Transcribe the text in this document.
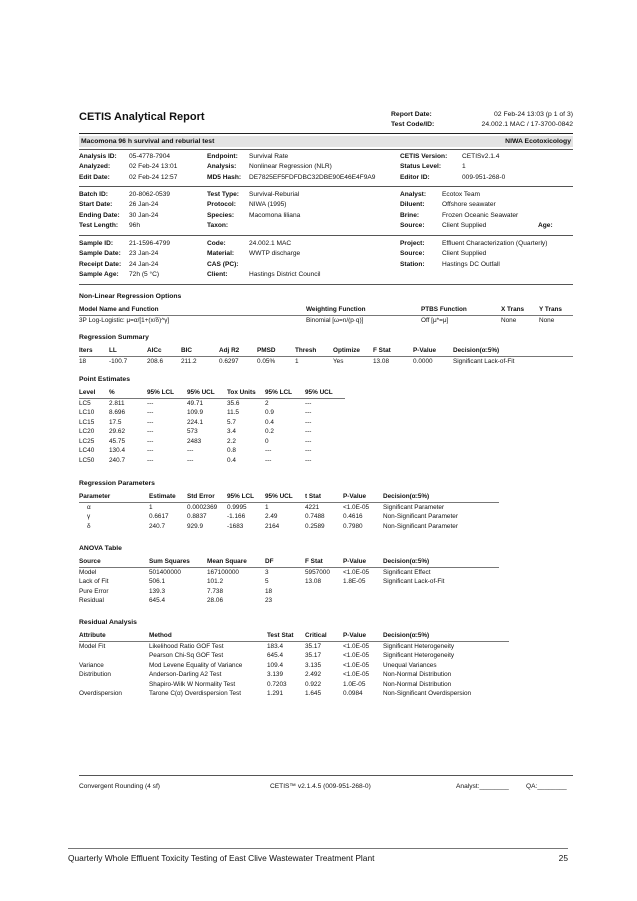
CETIS Analytical Report	Report Date:	02 Feb-24 13:03 (p 1 of 3)
Test Code/ID:	24.002.1 MAC / 17-3700-0842
Macomona 96 h survival and reburial test	NIWA Ecotoxicology
Analysis ID:	05-4778-7904
Analyzed:	02 Feb-24 13:01
Edit Date:	02 Feb-24 12:57
Endpoint:	Survival Rate
Analysis:	Nonlinear Regression (NLR)
MD5 Hash:	DE7825EF5FDFDBC32DBE90E46E4F9A9
CETIS Version:	CETISv2.1.4
Status Level:	1
Editor ID:	009-951-268-0
Batch ID:	20-8062-0539
Start Date:	26 Jan-24
Ending Date:	30 Jan-24
Test Length:	96h
Test Type:	Survival-Reburial
Protocol:	NIWA (1995)
Species:	Macomona liliana
Taxon:
Analyst:	Ecotox Team
Diluent:	Offshore seawater
Brine:	Frozen Oceanic Seawater
Source:	Client Supplied	Age:
Sample ID:	21-1596-4799
Sample Date:	23 Jan-24
Receipt Date:	24 Jan-24
Sample Age:	72h (5 °C)
Code:	24.002.1 MAC
Material:	WWTP discharge
CAS (PC):
Client:	Hastings District Council
Project:	Effluent Characterization (Quarterly)
Source:	Client Supplied
Station:	Hastings DC Outfall
Non-Linear Regression Options
Model Name and Function	Weighting Function	PTBS Function	X Trans	Y Trans
3P Log-Logistic: μ=α/[1+(x/δ)^γ]	Binomial [ω=n/(p·q)]	Off [μ*=μ]	None	None
Regression Summary
Iters	LL	AICc	BIC	Adj R2	PMSD	Thresh	Optimize	F Stat	P-Value	Decision(α:5%)
18	-100.7	208.6	211.2	0.6297	0.05%	1	Yes	13.08	0.0000	Significant Lack-of-Fit
Point Estimates
Level	%	95% LCL	95% UCL	Tox Units	95% LCL	95% UCL
LC5	2.811	---	49.71	35.6	2	---
LC10	8.696	---	109.9	11.5	0.9	---
LC15	17.5	---	224.1	5.7	0.4	---
LC20	29.62	---	573	3.4	0.2	---
LC25	45.75	---	2483	2.2	0	---
LC40	130.4	---	---	0.8	---	---
LC50	240.7	---	---	0.4	---	---
Regression Parameters
Parameter	Estimate	Std Error	95% LCL	95% UCL	t Stat	P-Value	Decision(α:5%)
α	1	0.0002369	0.9995	1	4221	<1.0E-05	Significant Parameter
γ	0.6617	0.8837	-1.166	2.49	0.7488	0.4616	Non-Significant Parameter
δ	240.7	929.9	-1683	2164	0.2589	0.7980	Non-Significant Parameter
ANOVA Table
Source	Sum Squares	Mean Square	DF	F Stat	P-Value	Decision(α:5%)
Model	501400000	167100000	3	5957000	<1.0E-05	Significant Effect
Lack of Fit	506.1	101.2	5	13.08	1.8E-05	Significant Lack-of-Fit
Pure Error	139.3	7.738	18			
Residual	645.4	28.06	23			
Residual Analysis
Attribute	Method	Test Stat	Critical	P-Value	Decision(α:5%)
Model Fit	Likelihood Ratio GOF Test	183.4	35.17	<1.0E-05	Significant Heterogeneity
	Pearson Chi-Sq GOF Test	645.4	35.17	<1.0E-05	Significant Heterogeneity
Variance	Mod Levene Equality of Variance	109.4	3.135	<1.0E-05	Unequal Variances
Distribution	Anderson-Darling A2 Test	3.139	2.492	<1.0E-05	Non-Normal Distribution
	Shapiro-Wilk W Normality Test	0.7203	0.922	1.0E-05	Non-Normal Distribution
Overdispersion	Tarone C(α) Overdispersion Test	1.291	1.645	0.0984	Non-Significant Overdispersion
Convergent Rounding (4 sf)	CETIS™ v2.1.4.5 (009-951-268-0)	Analyst:________	QA:________
Quarterly Whole Effluent Toxicity Testing of East Clive Wastewater Treatment Plant	25
